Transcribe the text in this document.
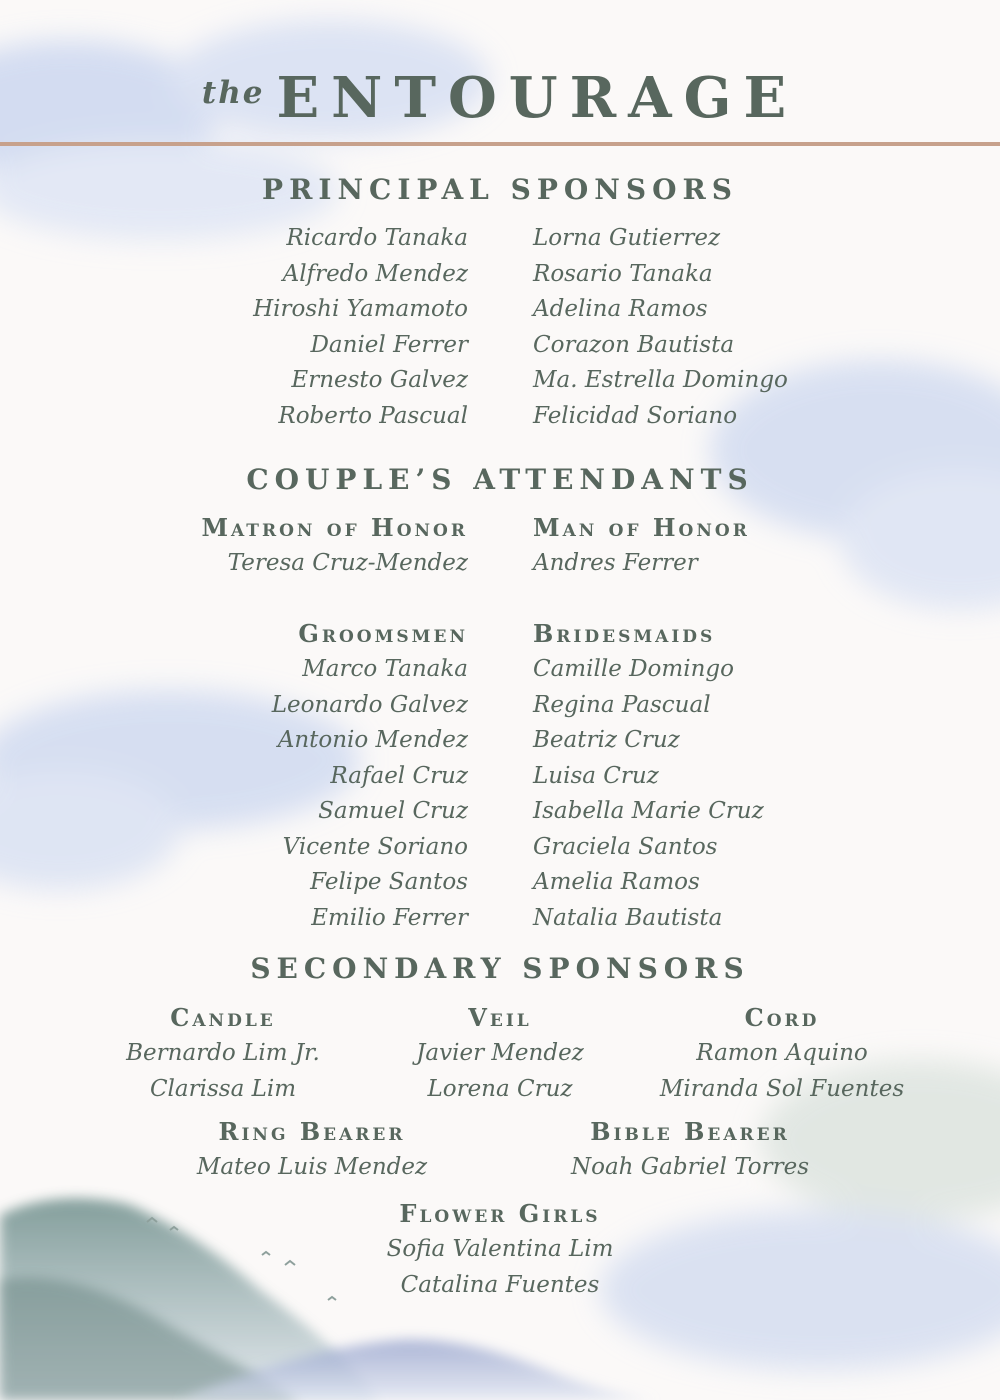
the ENTOURAGE
PRINCIPAL SPONSORS
Ricardo Tanaka
Alfredo Mendez
Hiroshi Yamamoto
Daniel Ferrer
Ernesto Galvez
Roberto Pascual
Lorna Gutierrez
Rosario Tanaka
Adelina Ramos
Corazon Bautista
Ma. Estrella Domingo
Felicidad Soriano
COUPLE’S ATTENDANTS
Matron of Honor
Teresa Cruz-Mendez
Man of Honor
Andres Ferrer
Groomsmen
Marco Tanaka
Leonardo Galvez
Antonio Mendez
Rafael Cruz
Samuel Cruz
Vicente Soriano
Felipe Santos
Emilio Ferrer
Bridesmaids
Camille Domingo
Regina Pascual
Beatriz Cruz
Luisa Cruz
Isabella Marie Cruz
Graciela Santos
Amelia Ramos
Natalia Bautista
SECONDARY SPONSORS
Candle
Bernardo Lim Jr.
Clarissa Lim
Veil
Javier Mendez
Lorena Cruz
Cord
Ramon Aquino
Miranda Sol Fuentes
Ring Bearer
Mateo Luis Mendez
Bible Bearer
Noah Gabriel Torres
Flower Girls
Sofia Valentina Lim
Catalina Fuentes
